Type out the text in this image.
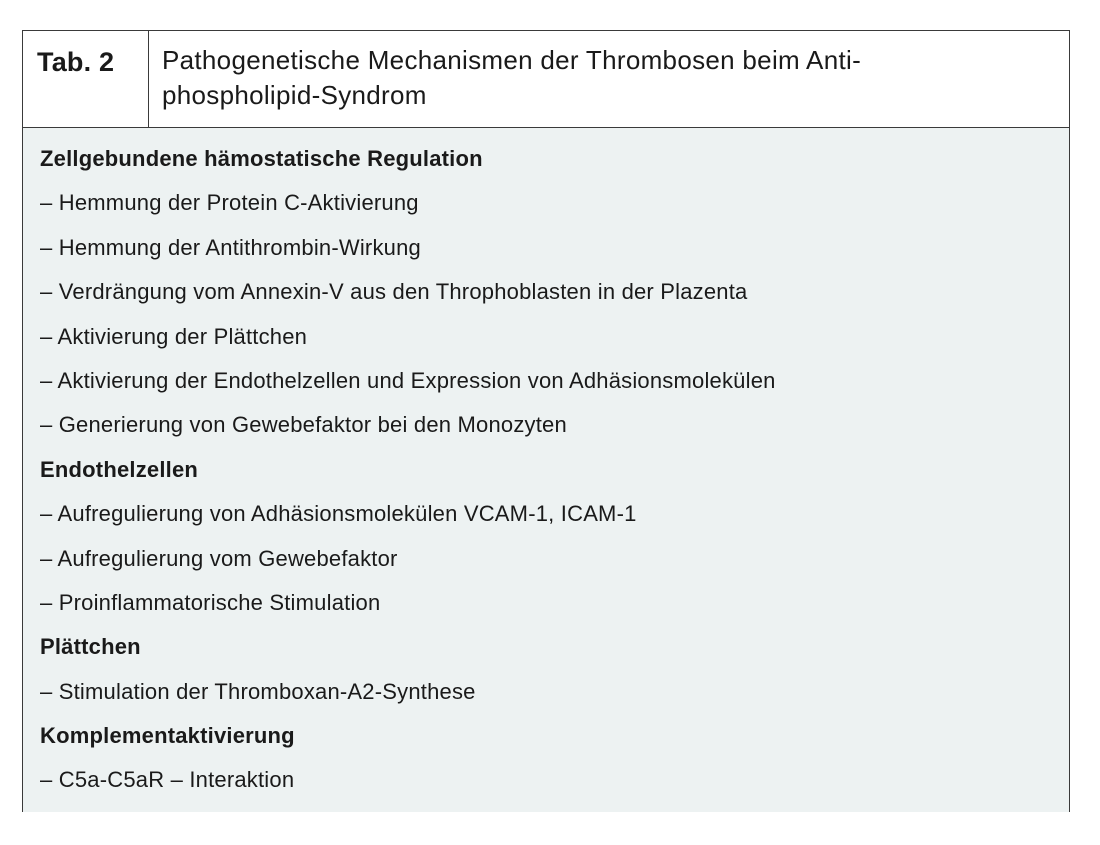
Tab. 2	Pathogenetische Mechanismen der Thrombosen beim Anti-
phospholipid-Syndrom
Zellgebundene hämostatische Regulation
– Hemmung der Protein C-Aktivierung
– Hemmung der Antithrombin-Wirkung
– Verdrängung vom Annexin-V aus den Throphoblasten in der Plazenta
– Aktivierung der Plättchen
– Aktivierung der Endothelzellen und Expression von Adhäsionsmolekülen
– Generierung von Gewebefaktor bei den Monozyten
Endothelzellen
– Aufregulierung von Adhäsionsmolekülen VCAM-1, ICAM-1
– Aufregulierung vom Gewebefaktor
– Proinflammatorische Stimulation
Plättchen
– Stimulation der Thromboxan-A2-Synthese
Komplementaktivierung
– C5a-C5aR – Interaktion
